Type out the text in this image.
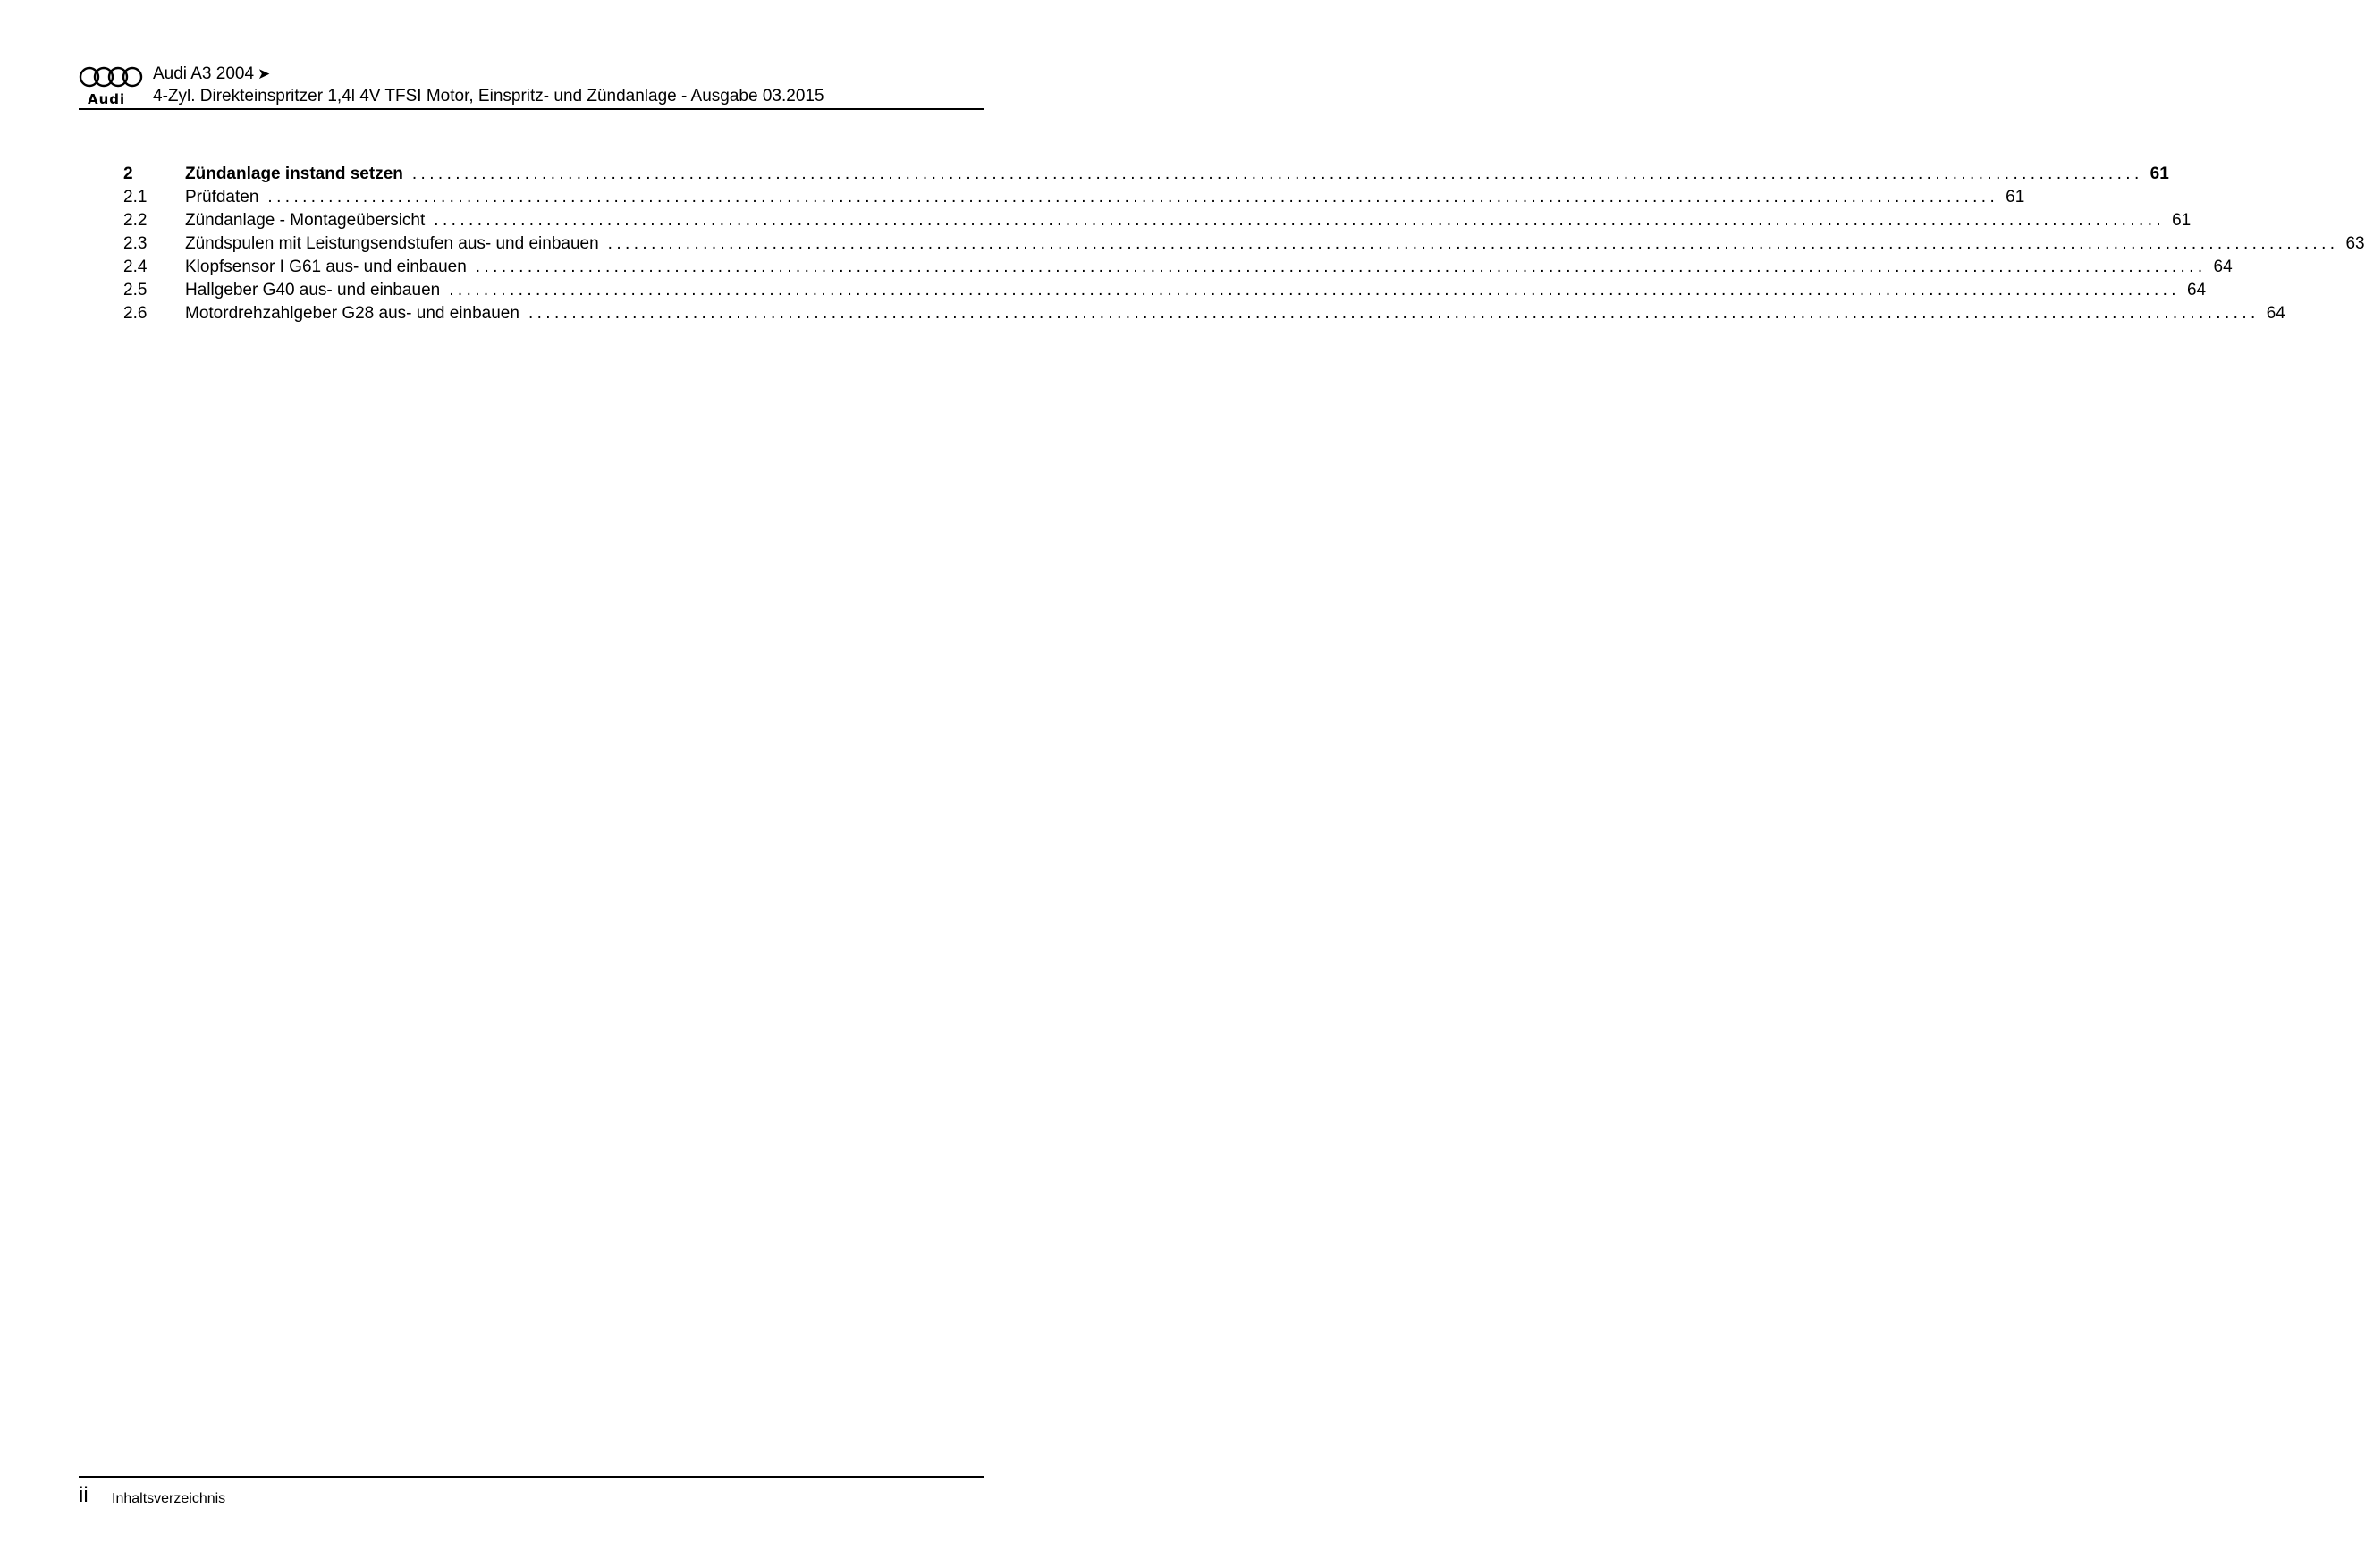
Audi
Audi A3 2004 ➤
4-Zyl. Direkteinspritzer 1,4l 4V TFSI Motor, Einspritz- und Zündanlage - Ausgabe 03.2015
2	Zündanlage instand setzen ........................................................................................................................................................................................................ 61
2.1 Prüfdaten ........................................................................................................................................................................................................ 61
2.2 Zündanlage - Montageübersicht ........................................................................................................................................................................................................ 61
2.3 Zündspulen mit Leistungsendstufen aus- und einbauen ........................................................................................................................................................................................................ 63
2.4 Klopfsensor I G61 aus- und einbauen ........................................................................................................................................................................................................ 64
2.5 Hallgeber G40 aus- und einbauen ........................................................................................................................................................................................................ 64
2.6 Motordrehzahlgeber G28 aus- und einbauen ........................................................................................................................................................................................................ 64
ii Inhaltsverzeichnis
